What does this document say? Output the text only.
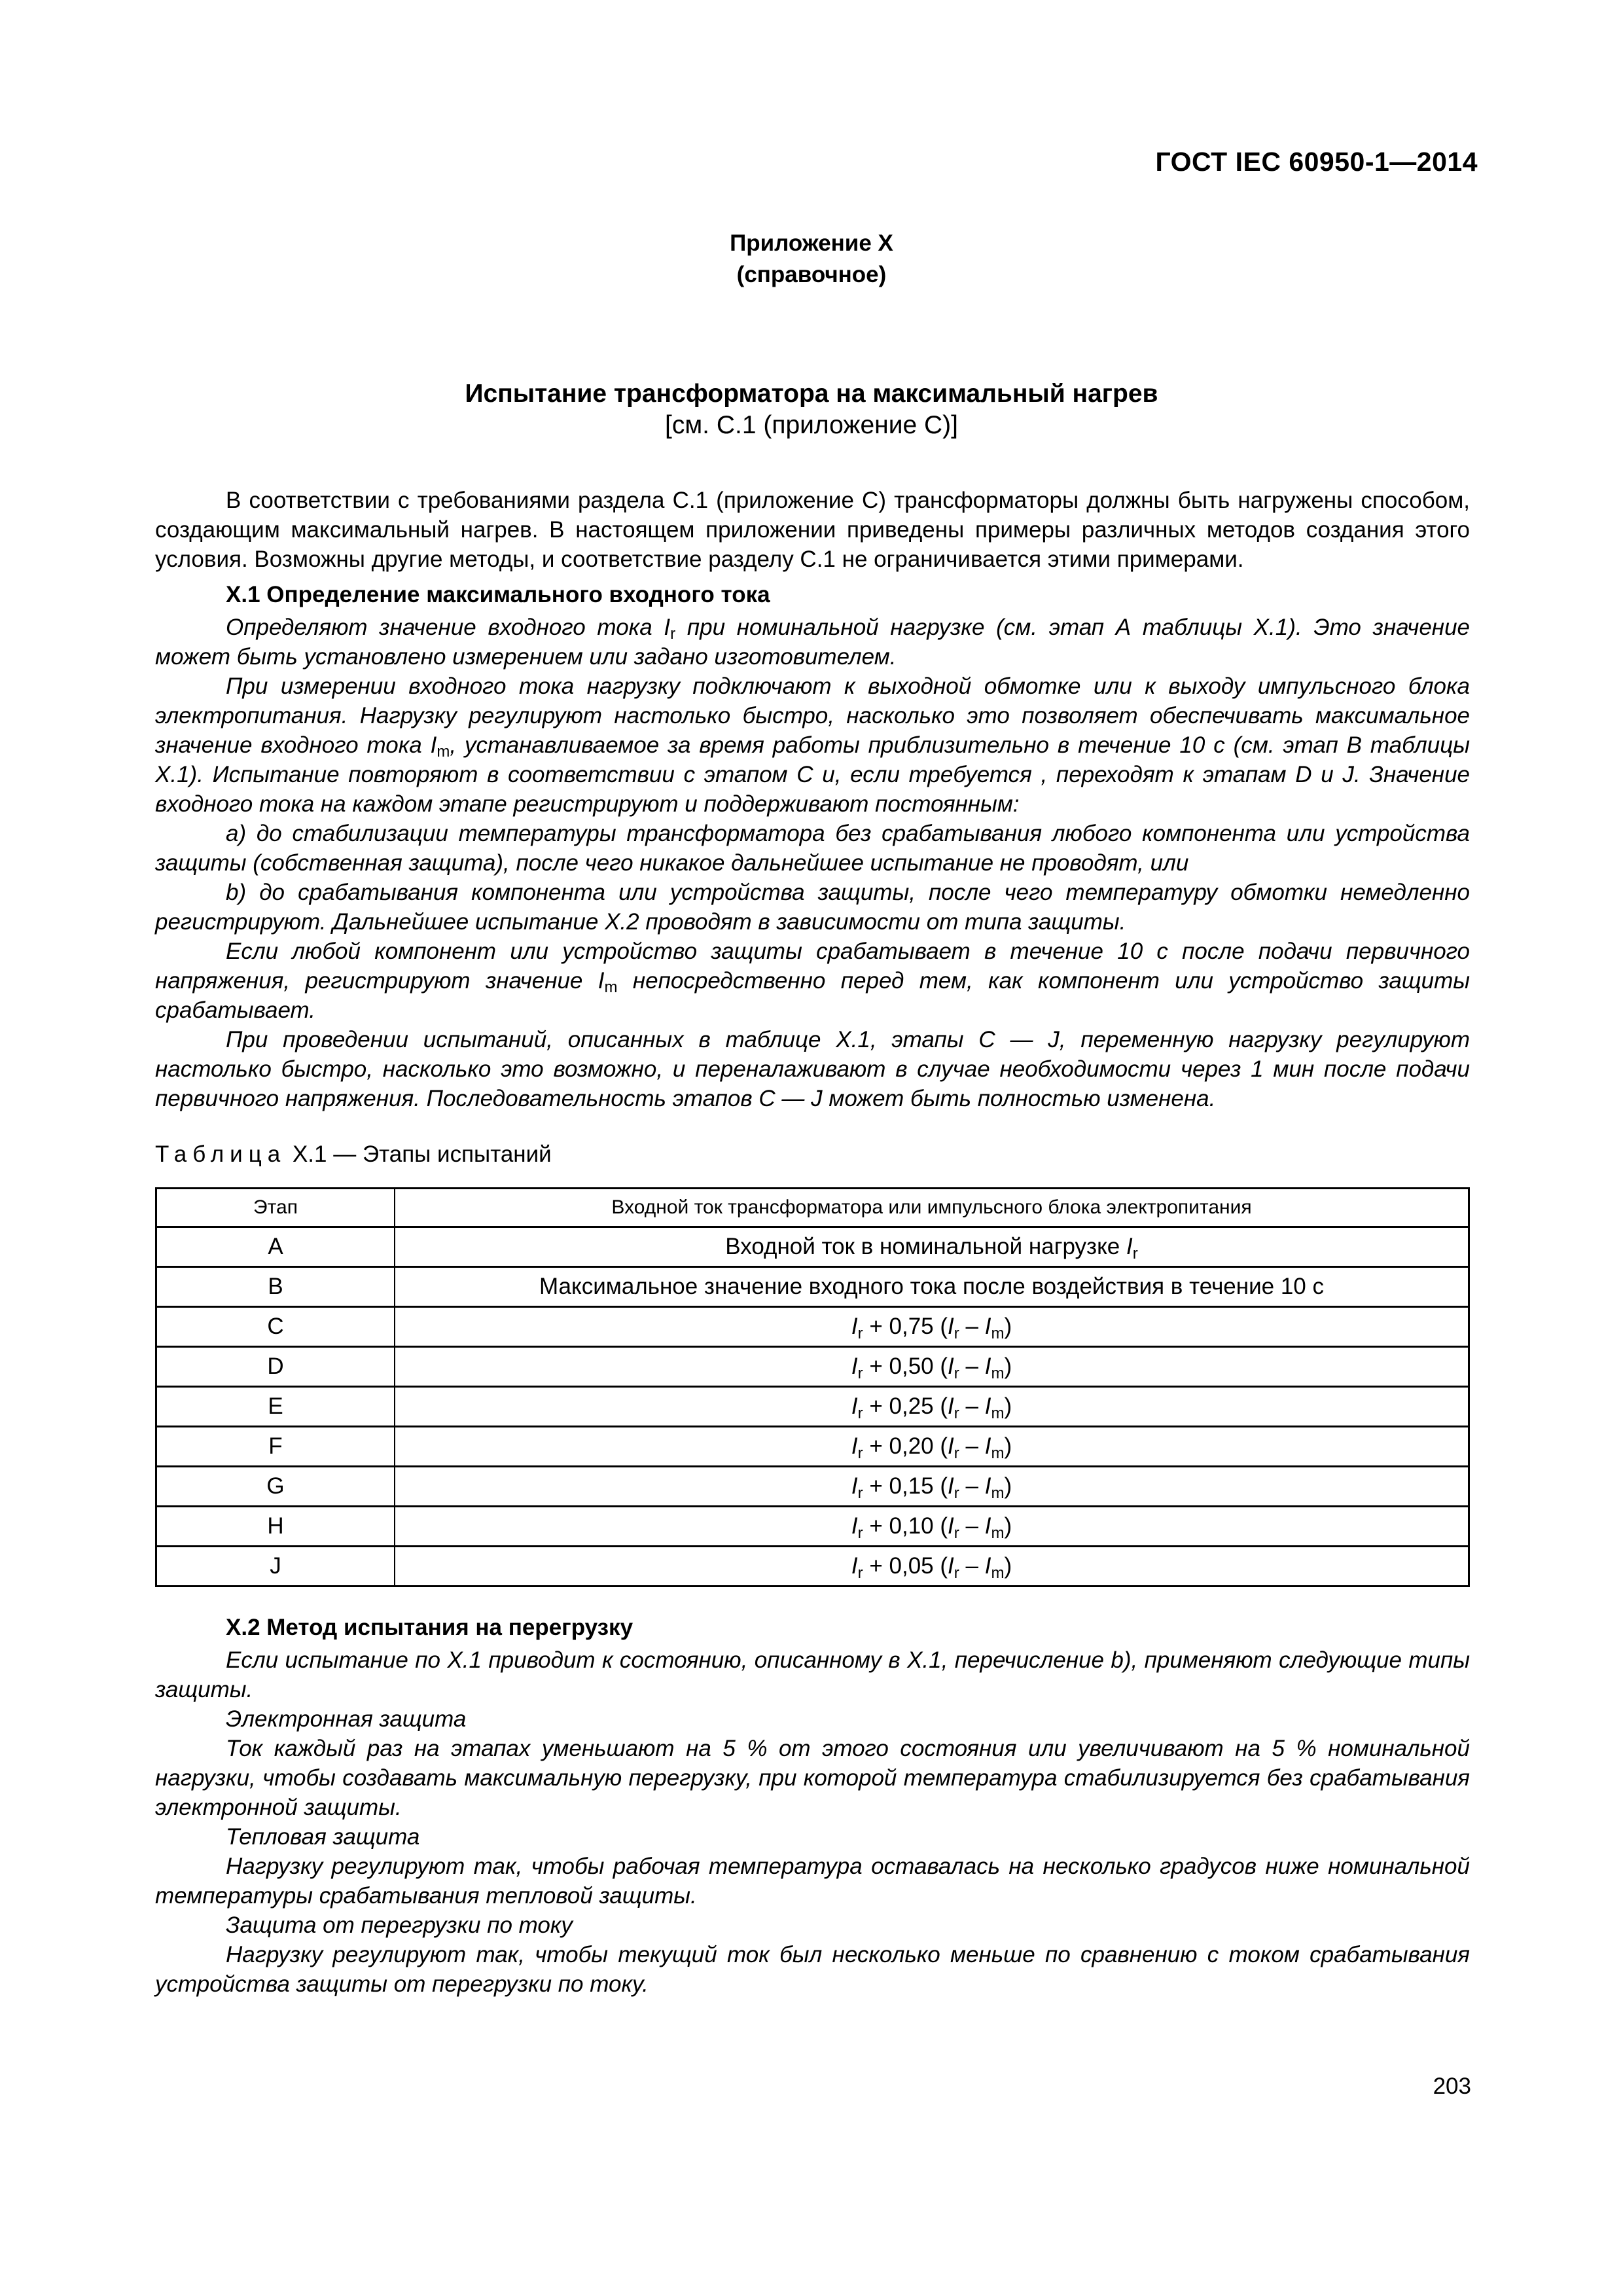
ГОСТ IEC 60950-1—2014
Приложение X
(справочное)
Испытание трансформатора на максимальный нагрев
[см. С.1 (приложение С)]

В соответствии с требованиями раздела С.1 (приложение С) трансформаторы должны быть нагружены способом, создающим максимальный нагрев. В настоящем приложении приведены примеры различных методов создания этого условия. Возможны другие методы, и соответствие разделу С.1 не ограничивается этими примерами.

X.1 Определение максимального входного тока

Определяют значение входного тока $I_r$ при номинальной нагрузке (см. этап А таблицы X.1). Это значение может быть установлено измерением или задано изготовителем.

При измерении входного тока нагрузку подключают к выходной обмотке или к выходу импульсного блока электропитания. Нагрузку регулируют настолько быстро, насколько это позволяет обеспечивать максимальное значение входного тока $I_m$, устанавливаемое за время работы приблизительно в течение 10 с (см. этап В таблицы X.1). Испытание повторяют в соответствии с этапом С и, если требуется , переходят к этапам D и J. Значение входного тока на каждом этапе регистрируют и поддерживают постоянным:

a) до стабилизации температуры трансформатора без срабатывания любого компонента или устройства защиты (собственная защита), после чего никакое дальнейшее испытание не проводят, или

b) до срабатывания компонента или устройства защиты, после чего температуру обмотки немедленно регистрируют. Дальнейшее испытание X.2 проводят в зависимости от типа защиты.

Если любой компонент или устройство защиты срабатывает в течение 10 с после подачи первичного напряжения, регистрируют значение $I_m$ непосредственно перед тем, как компонент или устройство защиты срабатывает.

При проведении испытаний, описанных в таблице X.1, этапы С — J, переменную нагрузку регулируют настолько быстро, насколько это возможно, и переналаживают в случае необходимости через 1 мин после подачи первичного напряжения. Последовательность этапов С — J может быть полностью изменена.

Таблица X.1 — Этапы испытаний
Этап	Входной ток трансформатора или импульсного блока электропитания
A	Входной ток в номинальной нагрузке $I_r$
B	Максимальное значение входного тока после воздействия в течение 10 с
C	$I_r + 0,75$ $(I_r - I_m)$
D	$I_r + 0,50$ $(I_r - I_m)$
E	$I_r + 0,25$ $(I_r - I_m)$
F	$I_r + 0,20$ $(I_r - I_m)$
G	$I_r + 0,15$ $(I_r - I_m)$
H	$I_r + 0,10$ $(I_r - I_m)$
J	$I_r + 0,05$ $(I_r - I_m)$
X.2 Метод испытания на перегрузку

Если испытание по X.1 приводит к состоянию, описанному в X.1, перечисление b), применяют следующие типы защиты.

Электронная защита

Ток каждый раз на этапах уменьшают на 5 % от этого состояния или увеличивают на 5 % номинальной нагрузки, чтобы создавать максимальную перегрузку, при которой температура стабилизируется без срабатывания электронной защиты.

Тепловая защита

Нагрузку регулируют так, чтобы рабочая температура оставалась на несколько градусов ниже номинальной температуры срабатывания тепловой защиты.

Защита от перегрузки по току

Нагрузку регулируют так, чтобы текущий ток был несколько меньше по сравнению с током срабатывания устройства защиты от перегрузки по току.

203
